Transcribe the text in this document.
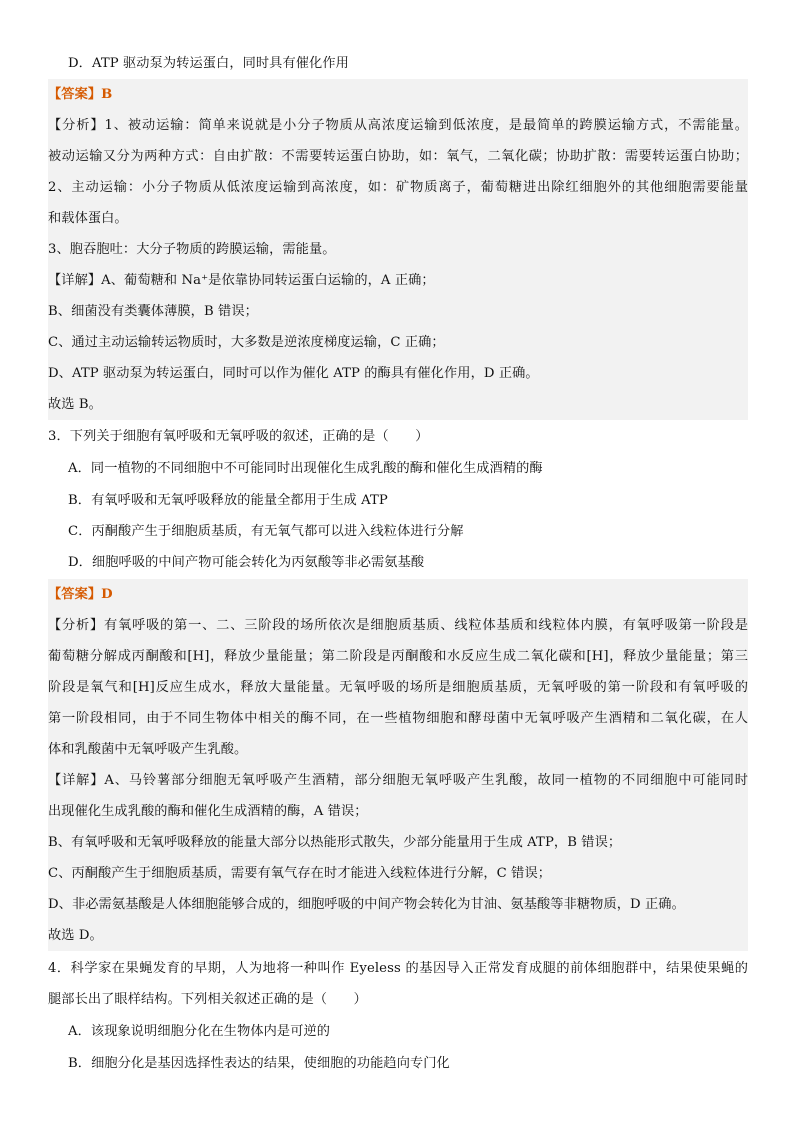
D．ATP 驱动泵为转运蛋白，同时具有催化作用
【答案】B
【分析】1、被动运输：简单来说就是小分子物质从高浓度运输到低浓度，是最简单的跨膜运输方式，不需能量。
被动运输又分为两种方式：自由扩散：不需要转运蛋白协助，如：氧气，二氧化碳；协助扩散：需要转运蛋白协助；
2、主动运输：小分子物质从低浓度运输到高浓度，如：矿物质离子，葡萄糖进出除红细胞外的其他细胞需要能量
和载体蛋白。
3、胞吞胞吐：大分子物质的跨膜运输，需能量。
【详解】A、葡萄糖和 Na⁺是依靠协同转运蛋白运输的，A 正确；
B、细菌没有类囊体薄膜，B 错误；
C、通过主动运输转运物质时，大多数是逆浓度梯度运输，C 正确；
D、ATP 驱动泵为转运蛋白，同时可以作为催化 ATP 的酶具有催化作用，D 正确。
故选 B。
3．下列关于细胞有氧呼吸和无氧呼吸的叙述，正确的是（　　）
A．同一植物的不同细胞中不可能同时出现催化生成乳酸的酶和催化生成酒精的酶
B．有氧呼吸和无氧呼吸释放的能量全都用于生成 ATP
C．丙酮酸产生于细胞质基质，有无氧气都可以进入线粒体进行分解
D．细胞呼吸的中间产物可能会转化为丙氨酸等非必需氨基酸
【答案】D
【分析】有氧呼吸的第一、二、三阶段的场所依次是细胞质基质、线粒体基质和线粒体内膜，有氧呼吸第一阶段是
葡萄糖分解成丙酮酸和[H]，释放少量能量；第二阶段是丙酮酸和水反应生成二氧化碳和[H]，释放少量能量；第三
阶段是氧气和[H]反应生成水，释放大量能量。无氧呼吸的场所是细胞质基质，无氧呼吸的第一阶段和有氧呼吸的
第一阶段相同，由于不同生物体中相关的酶不同，在一些植物细胞和酵母菌中无氧呼吸产生酒精和二氧化碳，在人
体和乳酸菌中无氧呼吸产生乳酸。
【详解】A、马铃薯部分细胞无氧呼吸产生酒精，部分细胞无氧呼吸产生乳酸，故同一植物的不同细胞中可能同时
出现催化生成乳酸的酶和催化生成酒精的酶，A 错误；
B、有氧呼吸和无氧呼吸释放的能量大部分以热能形式散失，少部分能量用于生成 ATP，B 错误；
C、丙酮酸产生于细胞质基质，需要有氧气存在时才能进入线粒体进行分解，C 错误；
D、非必需氨基酸是人体细胞能够合成的，细胞呼吸的中间产物会转化为甘油、氨基酸等非糖物质，D 正确。
故选 D。
4．科学家在果蝇发育的早期，人为地将一种叫作 Eyeless 的基因导入正常发育成腿的前体细胞群中，结果使果蝇的
腿部长出了眼样结构。下列相关叙述正确的是（　　）
A．该现象说明细胞分化在生物体内是可逆的
B．细胞分化是基因选择性表达的结果，使细胞的功能趋向专门化
